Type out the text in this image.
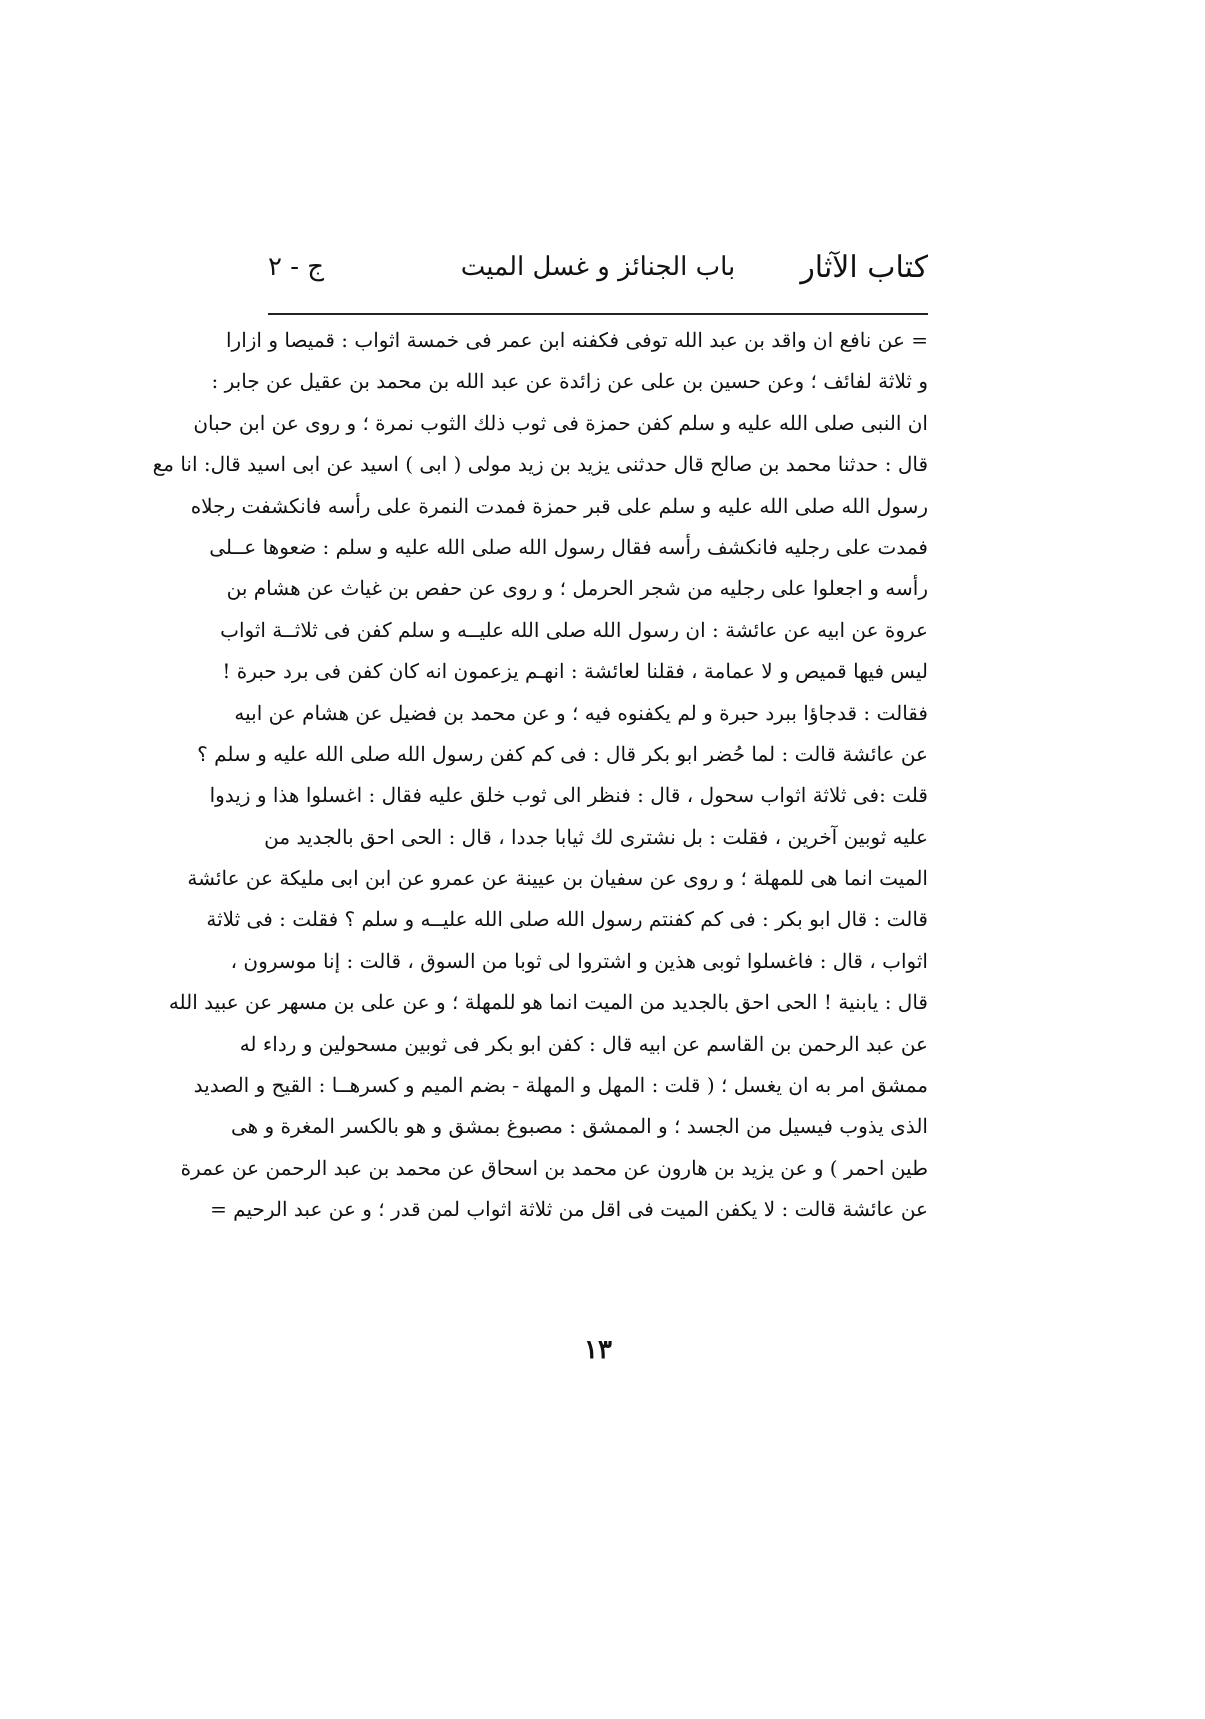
كتاب الآثار
باب الجنائز و غسل الميت
ج - ٢
= عن نافع ان واقد بن عبد الله توفى فكفنه ابن عمر فى خمسة اثواب : قميصا و ازارا
و ثلاثة لفائف ؛ وعن حسين بن على عن زائدة عن عبد الله بن محمد بن عقيل عن جابر :
ان النبى صلى الله عليه و سلم كفن حمزة فى ثوب ذلك الثوب نمرة ؛ و روى عن ابن حبان
قال : حدثنا محمد بن صالح قال حدثنى يزيد بن زيد مولى ( ابى ) اسيد عن ابى اسيد قال: انا مع
رسول الله صلى الله عليه و سلم على قبر حمزة فمدت النمرة على رأسه فانكشفت رجلاه
فمدت على رجليه فانكشف رأسه فقال رسول الله صلى الله عليه و سلم : ضعوها عــلى
رأسه و اجعلوا على رجليه من شجر الحرمل ؛ و روى عن حفص بن غياث عن هشام بن
عروة عن ابيه عن عائشة : ان رسول الله صلى الله عليــه و سلم كفن فى ثلاثــة اثواب
ليس فيها قميص و لا عمامة ، فقلنا لعائشة : انهـم يزعمون انه كان كفن فى برد حبرة !
فقالت : قدجاؤا ببرد حبرة و لم يكفنوه فيه ؛ و عن محمد بن فضيل عن هشام عن ابيه
عن عائشة قالت : لما حُضر ابو بكر قال : فى كم كفن رسول الله صلى الله عليه و سلم ؟
قلت :فى ثلاثة اثواب سحول ، قال : فنظر الى ثوب خلق عليه فقال : اغسلوا هذا و زيدوا
عليه ثوبين آخرين ، فقلت : بل نشترى لك ثيابا جددا ، قال : الحى احق بالجديد من
الميت انما هى للمهلة ؛ و روى عن سفيان بن عيينة عن عمرو عن ابن ابى مليكة عن عائشة
قالت : قال ابو بكر : فى كم كفنتم رسول الله صلى الله عليــه و سلم ؟ فقلت : فى ثلاثة
اثواب ، قال : فاغسلوا ثوبى هذين و اشتروا لى ثوبا من السوق ، قالت : إنا موسرون ،
قال : يابنية ! الحى احق بالجديد من الميت انما هو للمهلة ؛ و عن على بن مسهر عن عبيد الله
عن عبد الرحمن بن القاسم عن ابيه قال : كفن ابو بكر فى ثوبين مسحولين و رداء له
ممشق امر به ان يغسل ؛ ( قلت : المهل و المهلة - بضم الميم و كسرهــا : القيح و الصديد
الذى يذوب فيسيل من الجسد ؛ و الممشق : مصبوغ بمشق و هو بالكسر المغرة و هى
طين احمر ) و عن يزيد بن هارون عن محمد بن اسحاق عن محمد بن عبد الرحمن عن عمرة
عن عائشة قالت : لا يكفن الميت فى اقل من ثلاثة اثواب لمن قدر ؛ و عن عبد الرحيم =
١٣
